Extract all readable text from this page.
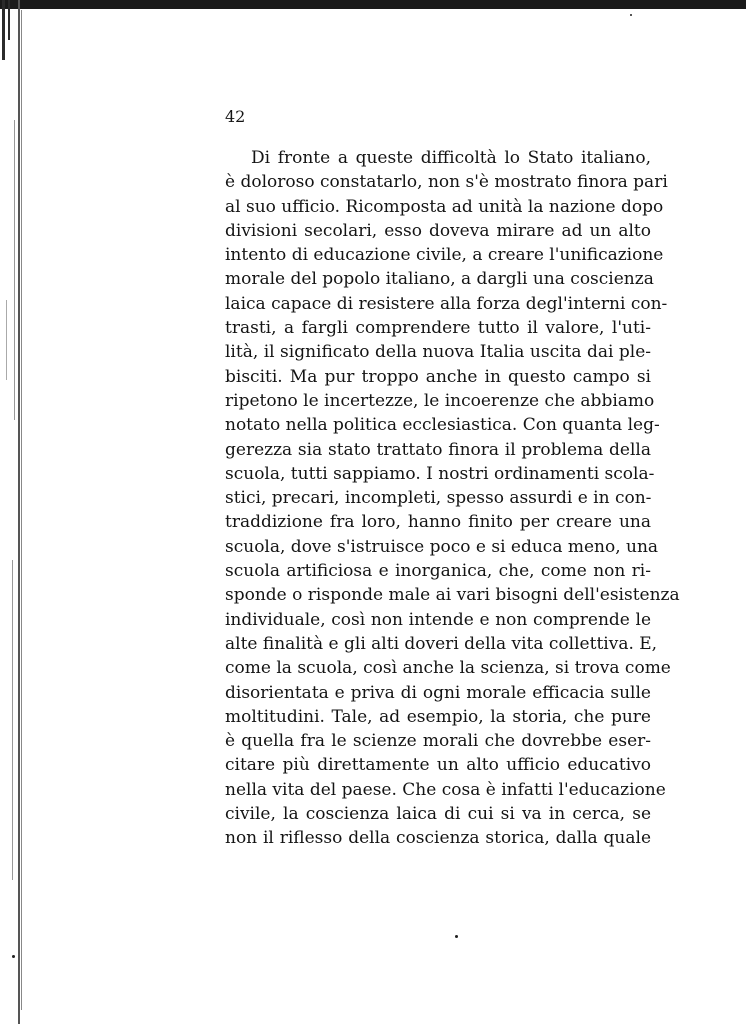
42
Di fronte a queste difficoltà lo Stato italiano,
è doloroso constatarlo, non s'è mostrato finora pari
al suo ufficio. Ricomposta ad unità la nazione dopo
divisioni secolari, esso doveva mirare ad un alto
intento di educazione civile, a creare l'unificazione
morale del popolo italiano, a dargli una coscienza
laica capace di resistere alla forza degl'interni con-
trasti, a fargli comprendere tutto il valore, l'uti-
lità, il significato della nuova Italia uscita dai ple-
bisciti. Ma pur troppo anche in questo campo si
ripetono le incertezze, le incoerenze che abbiamo
notato nella politica ecclesiastica. Con quanta leg-
gerezza sia stato trattato finora il problema della
scuola, tutti sappiamo. I nostri ordinamenti scola-
stici, precari, incompleti, spesso assurdi e in con-
traddizione fra loro, hanno finito per creare una
scuola, dove s'istruisce poco e si educa meno, una
scuola artificiosa e inorganica, che, come non ri-
sponde o risponde male ai vari bisogni dell'esistenza
individuale, così non intende e non comprende le
alte finalità e gli alti doveri della vita collettiva. E,
come la scuola, così anche la scienza, si trova come
disorientata e priva di ogni morale efficacia sulle
moltitudini. Tale, ad esempio, la storia, che pure
è quella fra le scienze morali che dovrebbe eser-
citare più direttamente un alto ufficio educativo
nella vita del paese. Che cosa è infatti l'educazione
civile, la coscienza laica di cui si va in cerca, se
non il riflesso della coscienza storica, dalla quale
